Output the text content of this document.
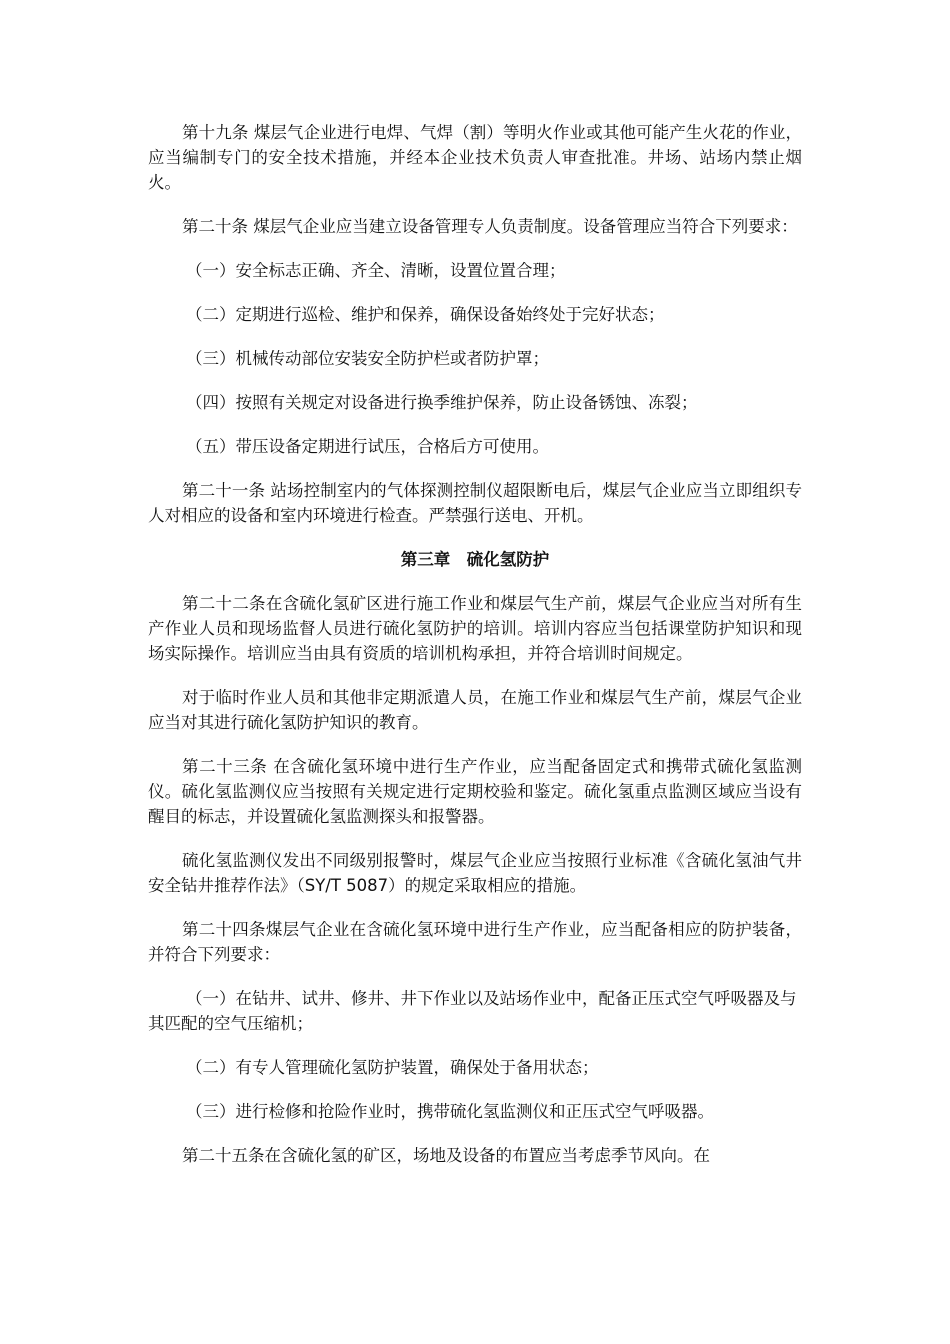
第十九条 煤层气企业进行电焊、气焊（割）等明火作业或其他可能产生火花的作业，应当编制专门的安全技术措施，并经本企业技术负责人审查批准。井场、站场内禁止烟火。

第二十条 煤层气企业应当建立设备管理专人负责制度。设备管理应当符合下列要求：

（一）安全标志正确、齐全、清晰，设置位置合理；

（二）定期进行巡检、维护和保养，确保设备始终处于完好状态；

（三）机械传动部位安装安全防护栏或者防护罩；

（四）按照有关规定对设备进行换季维护保养，防止设备锈蚀、冻裂；

（五）带压设备定期进行试压，合格后方可使用。

第二十一条 站场控制室内的气体探测控制仪超限断电后，煤层气企业应当立即组织专人对相应的设备和室内环境进行检查。严禁强行送电、开机。

第三章　硫化氢防护

第二十二条在含硫化氢矿区进行施工作业和煤层气生产前，煤层气企业应当对所有生产作业人员和现场监督人员进行硫化氢防护的培训。培训内容应当包括课堂防护知识和现场实际操作。培训应当由具有资质的培训机构承担，并符合培训时间规定。

对于临时作业人员和其他非定期派遣人员，在施工作业和煤层气生产前，煤层气企业应当对其进行硫化氢防护知识的教育。

第二十三条 在含硫化氢环境中进行生产作业，应当配备固定式和携带式硫化氢监测仪。硫化氢监测仪应当按照有关规定进行定期校验和鉴定。硫化氢重点监测区域应当设有醒目的标志，并设置硫化氢监测探头和报警器。

硫化氢监测仪发出不同级别报警时，煤层气企业应当按照行业标准《含硫化氢油气井安全钻井推荐作法》（SY/T 5087）的规定采取相应的措施。

第二十四条煤层气企业在含硫化氢环境中进行生产作业，应当配备相应的防护装备，并符合下列要求：

（一）在钻井、试井、修井、井下作业以及站场作业中，配备正压式空气呼吸器及与其匹配的空气压缩机；

（二）有专人管理硫化氢防护装置，确保处于备用状态；

（三）进行检修和抢险作业时，携带硫化氢监测仪和正压式空气呼吸器。

第二十五条在含硫化氢的矿区，场地及设备的布置应当考虑季节风向。在
